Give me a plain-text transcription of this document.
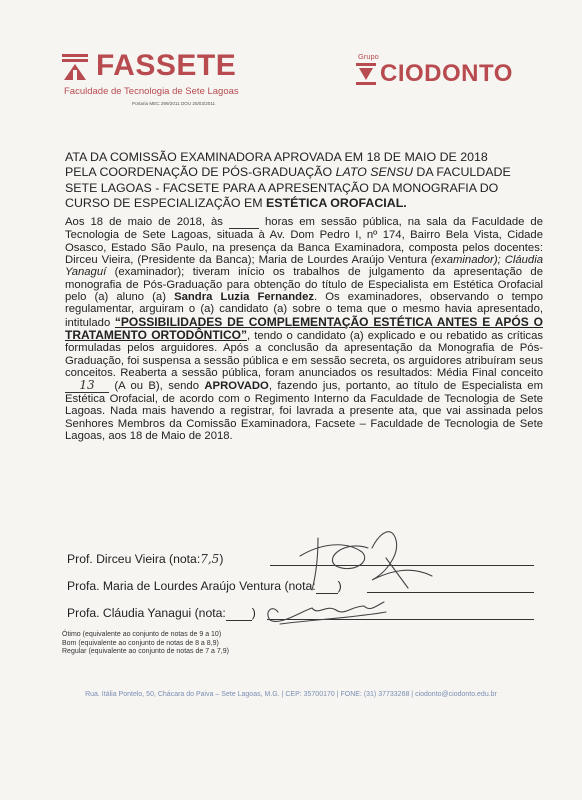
FASSETE
Faculdade de Tecnologia de Sete Lagoas
Portaria MEC 299/2011 DOU 25/03/2011
Grupo
CIODONTO
ATA DA COMISSÃO EXAMINADORA APROVADA EM 18 DE MAIO DE 2018
PELA COORDENAÇÃO DE PÓS-GRADUAÇÃO LATO SENSU DA FACULDADE
SETE LAGOAS - FACSETE PARA A APRESENTAÇÃO DA MONOGRAFIA DO
CURSO DE ESPECIALIZAÇÃO EM ESTÉTICA OROFACIAL.
Aos 18 de maio de 2018, às	horas em sessão pública, na sala da Faculdade de Tecnologia de Sete Lagoas, situada à Av. Dom Pedro I, nº 174, Bairro Bela Vista, Cidade Osasco, Estado São Paulo, na presença da Banca Examinadora, composta pelos docentes: Dirceu Vieira, (Presidente da Banca); Maria de Lourdes Araújo Ventura (examinador); Cláudia Yanaguí (examinador); tiveram início os trabalhos de julgamento da apresentação de monografia de Pós-Graduação para obtenção do título de Especialista em Estética Orofacial pelo (a) aluno (a) Sandra Luzia Fernandez. Os examinadores, observando o tempo regulamentar, arguiram o (a) candidato (a) sobre o tema que o mesmo havia apresentado, intitulado “POSSIBILIDADES DE COMPLEMENTAÇÃO ESTÉTICA ANTES E APÓS O TRATAMENTO ORTODÔNTICO”, tendo o candidato (a) explicado e ou rebatido as críticas formuladas pelos arguidores. Após a conclusão da apresentação da Monografia de Pós-Graduação, foi suspensa a sessão pública e em sessão secreta, os arguidores atribuíram seus conceitos. Reaberta a sessão pública, foram anunciados os resultados: Média Final conceito 13 (A ou B), sendo APROVADO, fazendo jus, portanto, ao título de Especialista em Estética Orofacial, de acordo com o Regimento Interno da Faculdade de Tecnologia de Sete Lagoas. Nada mais havendo a registrar, foi lavrada a presente ata, que vai assinada pelos Senhores Membros da Comissão Examinadora, Facsete – Faculdade de Tecnologia de Sete Lagoas, aos 18 de Maio de 2018.
Prof. Dirceu Vieira (nota:7,5)
Profa. Maria de Lourdes Araújo Ventura (nota: )
Profa. Cláudia Yanagui (nota: )
Ótimo (equivalente ao conjunto de notas de 9 a 10)
Bom (equivalente ao conjunto de notas de 8 a 8,9)
Regular (equivalente ao conjunto de notas de 7 a 7,9)
Rua. Itália Pontelo, 50, Chácara do Paiva – Sete Lagoas, M.G. | CEP: 35700170 | FONE: (31) 37733268 | ciodonto@ciodonto.edu.br
